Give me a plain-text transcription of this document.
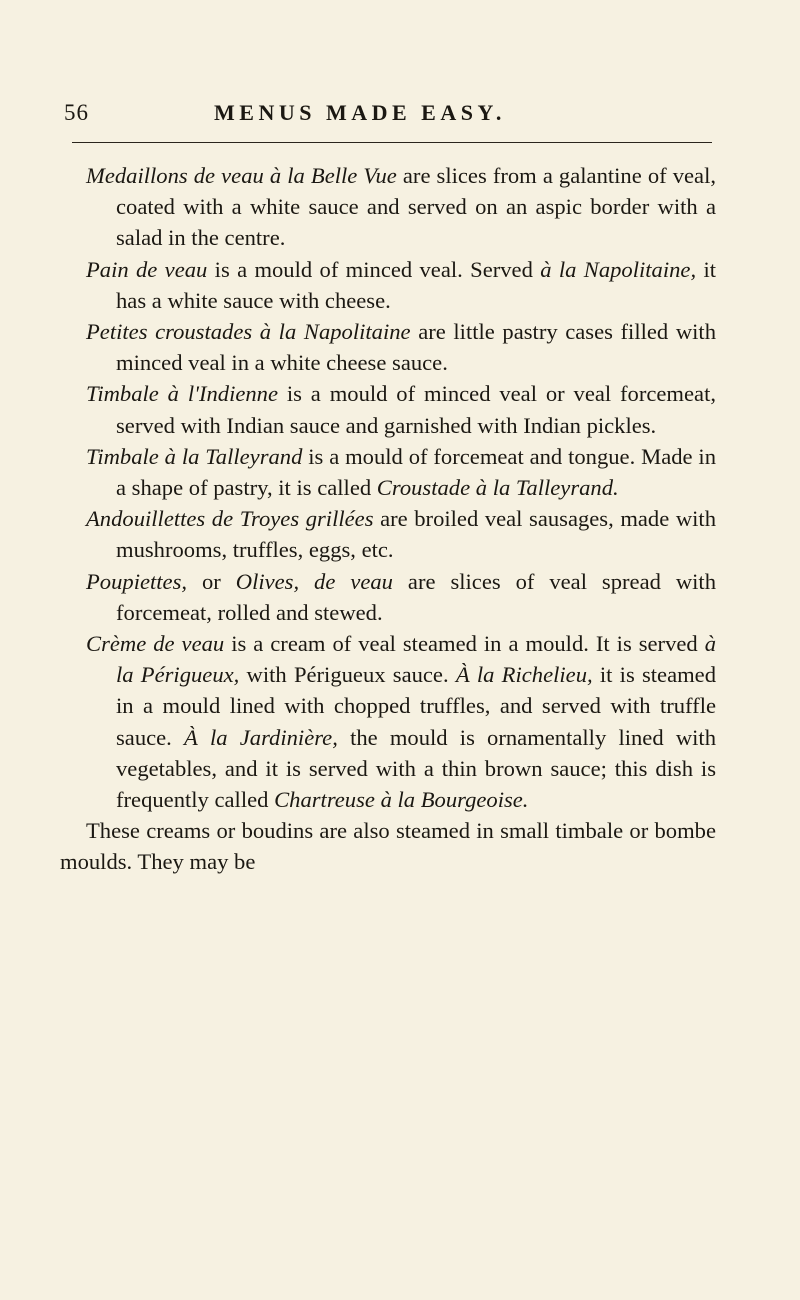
56	MENUS MADE EASY.

Medaillons de veau à la Belle Vue are slices from a galantine of veal, coated with a white sauce and served on an aspic border with a salad in the centre.

Pain de veau is a mould of minced veal. Served à la Napolitaine, it has a white sauce with cheese.

Petites croustades à la Napolitaine are little pastry cases filled with minced veal in a white cheese sauce.

Timbale à l'Indienne is a mould of minced veal or veal forcemeat, served with Indian sauce and garnished with Indian pickles.

Timbale à la Talleyrand is a mould of forcemeat and tongue. Made in a shape of pastry, it is called Croustade à la Talleyrand.

Andouillettes de Troyes grillées are broiled veal sausages, made with mushrooms, truffles, eggs, etc.

Poupiettes, or Olives, de veau are slices of veal spread with forcemeat, rolled and stewed.

Crème de veau is a cream of veal steamed in a mould. It is served à la Périgueux, with Périgueux sauce. À la Richelieu, it is steamed in a mould lined with chopped truffles, and served with truffle sauce. À la Jardinière, the mould is ornamentally lined with vegetables, and it is served with a thin brown sauce; this dish is frequently called Chartreuse à la Bourgeoise.

These creams or boudins are also steamed in small timbale or bombe moulds. They may be
